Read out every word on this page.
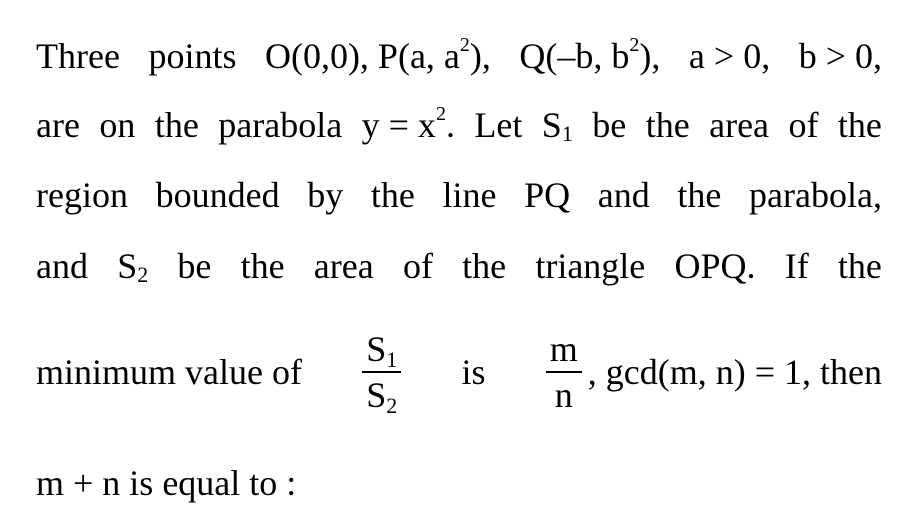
Three points O(0,0), P(a, $a^2$), Q(–b, $b^2$), a > 0, b > 0,
are on the parabola $y = x^2$. Let $S_1$ be the area of the
region bounded by the line PQ and the parabola,
and $S_2$ be the area of the triangle OPQ. If the
minimum value of $\frac{S_1}{S_2}$ is $\frac{m}{n}$ , gcd(m, n) = 1, then
m + n is equal to :
